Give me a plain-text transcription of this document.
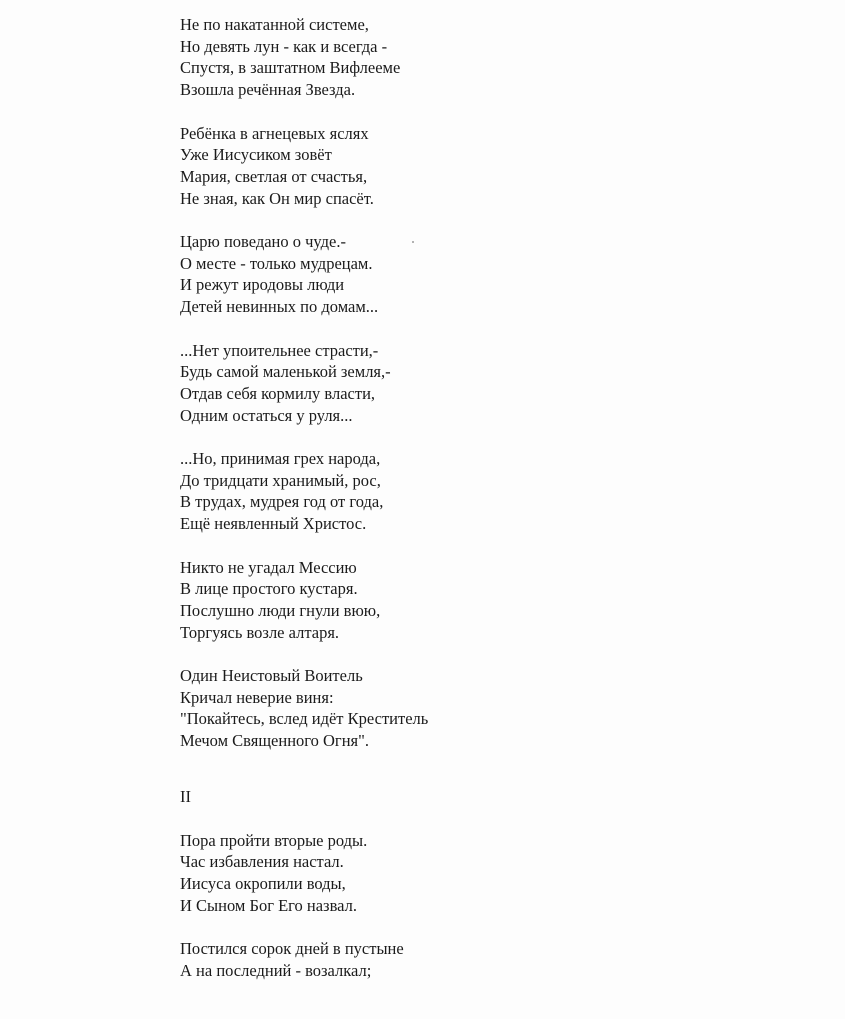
Не по накатанной системе,
Но девять лун - как и всегда -
Спустя, в заштатном Вифлееме
Взошла речённая Звезда.
Ребёнка в агнецевых яслях
Уже Иисусиком зовёт
Мария, светлая от счастья,
Не зная, как Он мир спасёт.
Царю поведано о чуде.-
О месте - только мудрецам.
И режут иродовы люди
Детей невинных по домам...
...Нет упоительнее страсти,-
Будь самой маленькой земля,-
Отдав себя кормилу власти,
Одним остаться у руля...
...Но, принимая грех народа,
До тридцати хранимый, рос,
В трудах, мудрея год от года,
Ещё неявленный Христос.
Никто не угадал Мессию
В лице простого кустаря.
Послушно люди гнули вюю,
Торгуясь возле алтаря.
Один Неистовый Воитель
Кричал неверие виня:
"Покайтесь, вслед идёт Креститель
Мечом Священного Огня".
II
Пора пройти вторые роды.
Час избавления настал.
Иисуса окропили воды,
И Сыном Бог Его назвал.
Постился сорок дней в пустыне
А на последний - возалкал;
